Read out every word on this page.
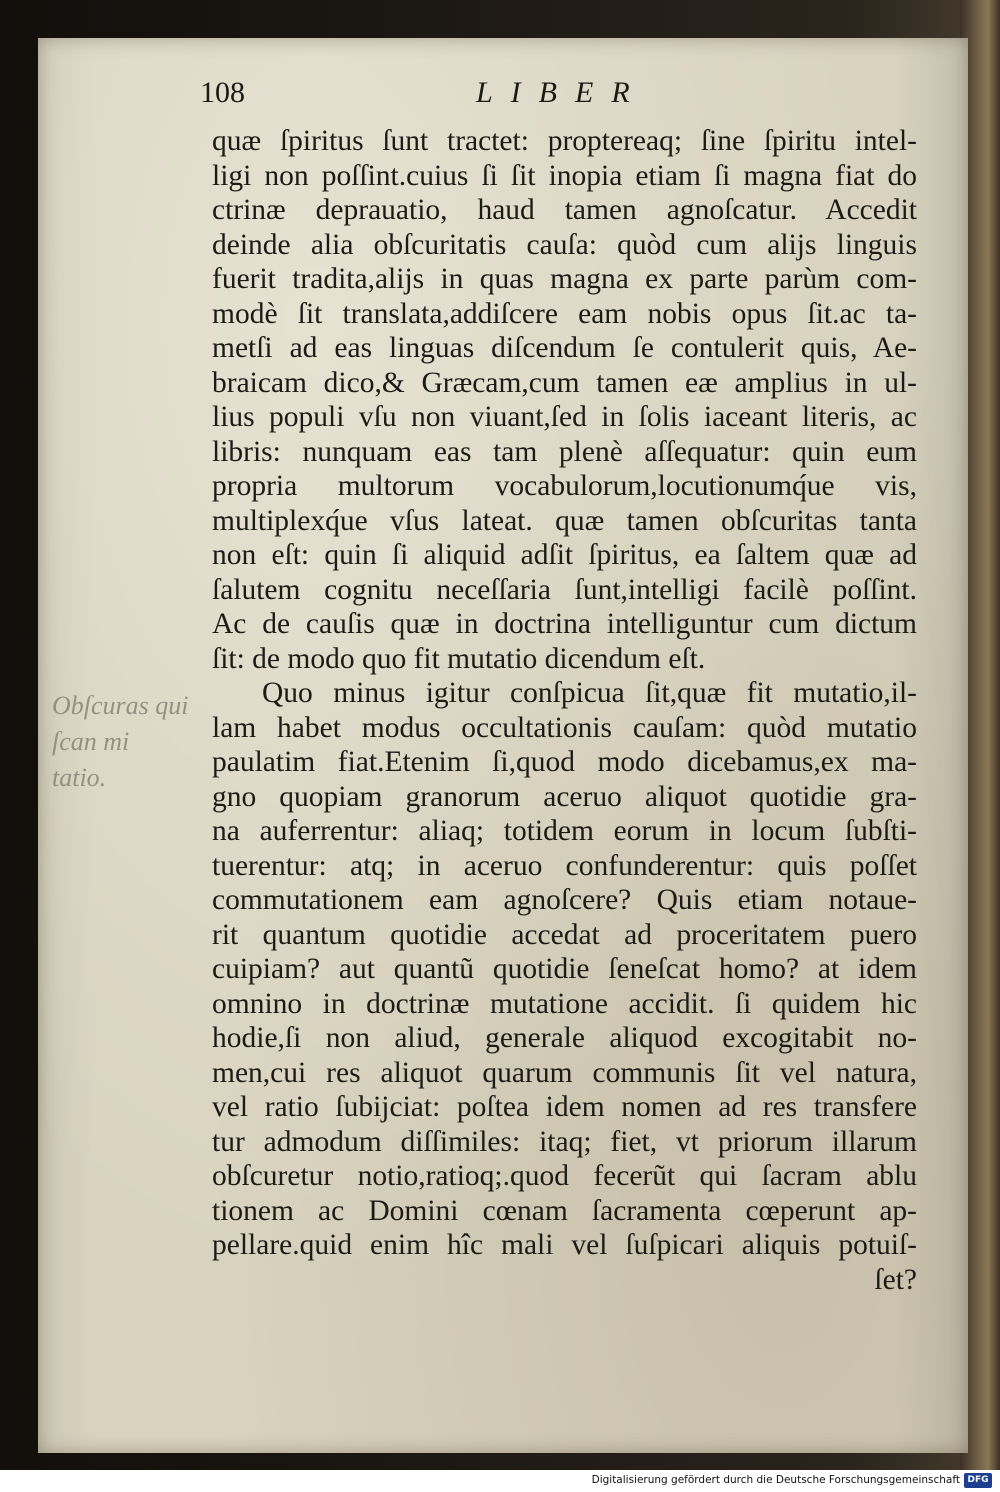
108	LIBER
Obſcuras qui
ſcan mi
tatio.
quæ ſpiritus ſunt tractet: proptereaq; ſine ſpiritu intel-
ligi non poſſint.cuius ſi ſit inopia etiam ſi magna fiat do
ctrinæ deprauatio, haud tamen agnoſcatur. Accedit
deinde alia obſcuritatis cauſa: quòd cum alijs linguis
fuerit tradita,alijs in quas magna ex parte parùm com-
modè ſit translata,addiſcere eam nobis opus ſit.ac ta-
metſi ad eas linguas diſcendum ſe contulerit quis, Ae-
braicam dico,& Græcam,cum tamen eæ amplius in ul-
lius populi vſu non viuant,ſed in ſolis iaceant literis, ac
libris: nunquam eas tam plenè aſſequatur: quin eum
propria multorum vocabulorum,locutionumq́ue vis,
multiplexq́ue vſus lateat. quæ tamen obſcuritas tanta
non eſt: quin ſi aliquid adſit ſpiritus, ea ſaltem quæ ad
ſalutem cognitu neceſſaria ſunt,intelligi facilè poſſint.
Ac de cauſis quæ in doctrina intelliguntur cum dictum
ſit: de modo quo fit mutatio dicendum eſt.
Quo minus igitur conſpicua ſit,quæ fit mutatio,il-
lam habet modus occultationis cauſam: quòd mutatio
paulatim fiat.Etenim ſi,quod modo dicebamus,ex ma-
gno quopiam granorum aceruo aliquot quotidie gra-
na auferrentur: aliaq; totidem eorum in locum ſubſti-
tuerentur: atq; in aceruo confunderentur: quis poſſet
commutationem eam agnoſcere? Quis etiam notaue-
rit quantum quotidie accedat ad proceritatem puero
cuipiam? aut quantũ quotidie ſeneſcat homo? at idem
omnino in doctrinæ mutatione accidit. ſi quidem hic
hodie,ſi non aliud, generale aliquod excogitabit no-
men,cui res aliquot quarum communis ſit vel natura,
vel ratio ſubijciat: poſtea idem nomen ad res transfere
tur admodum diſſimiles: itaq; fiet, vt priorum illarum
obſcuretur notio,ratioq;.quod fecerũt qui ſacram ablu
tionem ac Domini cœnam ſacramenta cœperunt ap-
pellare.quid enim hîc mali vel ſuſpicari aliquis potuiſ-
ſet?
Digitalisierung gefördert durch die Deutsche Forschungsgemeinschaft DFG
